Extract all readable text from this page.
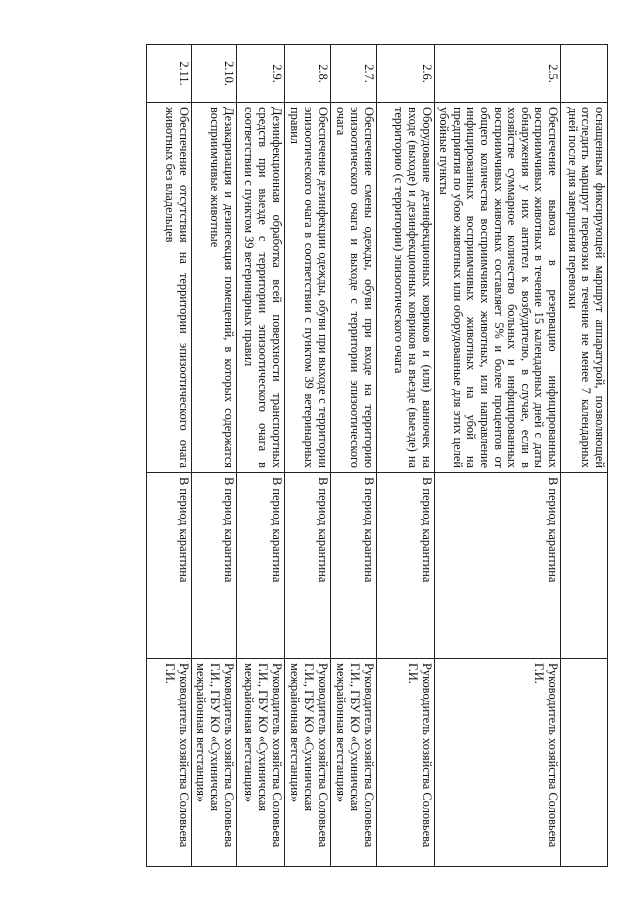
	оснащенным фиксирующей маршрут аппаратурой, позволяющей отследить маршрут перевозки в течение не менее 7 календарных дней после дня завершения перевозки		
2.5.	Обеспечение вывоза в резервацию инфицированных восприимчивых животных в течение 15 календарных дней с даты обнаружения у них антител к возбудителю, в случае, если в хозяйстве суммарное количество больных и инфицированных восприимчивых животных составляет 5% и более процентов от общего количества восприимчивых животных, или направление инфицированных восприимчивых животных на убой на предприятия по убою животных или оборудованные для этих целей убойные пункты	В период карантина	Руководитель хозяйства Соловьева Г.И.
2.6.	Оборудование дезинфекционных ковриков и (или) ванночек на входе (выходе) и дезинфекционных ковриков на въезде (выезде) на территорию (с территории) эпизоотического очага	В период карантина	Руководитель хозяйства Соловьева Г.И.
2.7.	Обеспечение смены одежды, обуви при входе на территорию эпизоотического очага и выходе с территории эпизоотического очага	В период карантина	Руководитель хозяйства Соловьева Г.И., ГБУ КО «Сухиничская межрайонная ветстанция»
2.8.	Обеспечение дезинфекции одежды, обуви при выходе с территории эпизоотического очага в соответствии с пунктом 39 ветеринарных правил	В период карантина	Руководитель хозяйства Соловьева Г.И., ГБУ КО «Сухиничская межрайонная ветстанция»
2.9.	Дезинфекционная обработка всей поверхности транспортных средств при выезде с территории эпизоотического очага в соответствии с пунктом 39 ветеринарных правил	В период карантина	Руководитель хозяйства Соловьева Г.И., ГБУ КО «Сухиничская межрайонная ветстанция»
2.10.	Дезакаризация и дезинсекция помещений, в которых содержатся восприимчивые животные	В период карантина	Руководитель хозяйства Соловьева Г.И., ГБУ КО «Сухиничская межрайонная ветстанция»
2.11.	Обеспечение отсутствия на территории эпизоотического очага животных без владельцев	В период карантина	Руководитель хозяйства Соловьева Г.И.
